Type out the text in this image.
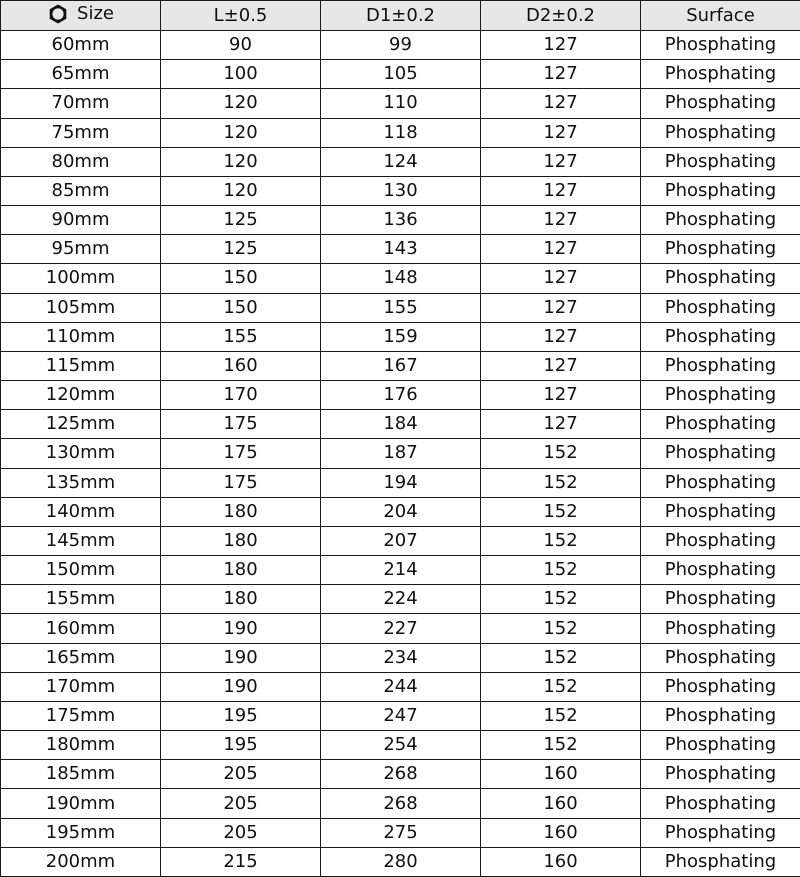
Size	L±0.5	D1±0.2	D2±0.2	Surface
60mm	90	99	127	Phosphating
65mm	100	105	127	Phosphating
70mm	120	110	127	Phosphating
75mm	120	118	127	Phosphating
80mm	120	124	127	Phosphating
85mm	120	130	127	Phosphating
90mm	125	136	127	Phosphating
95mm	125	143	127	Phosphating
100mm	150	148	127	Phosphating
105mm	150	155	127	Phosphating
110mm	155	159	127	Phosphating
115mm	160	167	127	Phosphating
120mm	170	176	127	Phosphating
125mm	175	184	127	Phosphating
130mm	175	187	152	Phosphating
135mm	175	194	152	Phosphating
140mm	180	204	152	Phosphating
145mm	180	207	152	Phosphating
150mm	180	214	152	Phosphating
155mm	180	224	152	Phosphating
160mm	190	227	152	Phosphating
165mm	190	234	152	Phosphating
170mm	190	244	152	Phosphating
175mm	195	247	152	Phosphating
180mm	195	254	152	Phosphating
185mm	205	268	160	Phosphating
190mm	205	268	160	Phosphating
195mm	205	275	160	Phosphating
200mm	215	280	160	Phosphating
